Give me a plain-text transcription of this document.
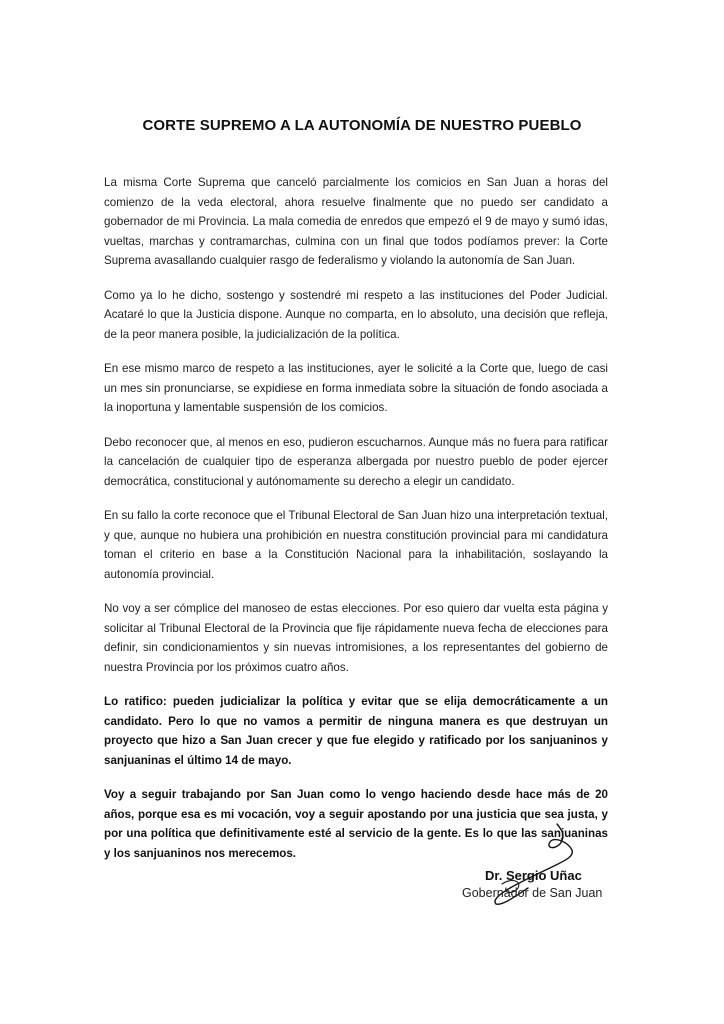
CORTE SUPREMO A LA AUTONOMÍA DE NUESTRO PUEBLO

La misma Corte Suprema que canceló parcialmente los comicios en San Juan a horas del comienzo de la veda electoral, ahora resuelve finalmente que no puedo ser candidato a gobernador de mi Provincia. La mala comedia de enredos que empezó el 9 de mayo y sumó idas, vueltas, marchas y contramarchas, culmina con un final que todos podíamos prever: la Corte Suprema avasallando cualquier rasgo de federalismo y violando la autonomía de San Juan.

Como ya lo he dicho, sostengo y sostendré mi respeto a las instituciones del Poder Judicial. Acataré lo que la Justicia dispone. Aunque no comparta, en lo absoluto, una decisión que refleja, de la peor manera posible, la judicialización de la política.

En ese mismo marco de respeto a las instituciones, ayer le solicité a la Corte que, luego de casi un mes sin pronunciarse, se expidiese en forma inmediata sobre la situación de fondo asociada a la inoportuna y lamentable suspensión de los comicios.

Debo reconocer que, al menos en eso, pudieron escucharnos. Aunque más no fuera para ratificar la cancelación de cualquier tipo de esperanza albergada por nuestro pueblo de poder ejercer democrática, constitucional y autónomamente su derecho a elegir un candidato.

En su fallo la corte reconoce que el Tribunal Electoral de San Juan hizo una interpretación textual, y que, aunque no hubiera una prohibición en nuestra constitución provincial para mi candidatura toman el criterio en base a la Constitución Nacional para la inhabilitación, soslayando la autonomía provincial.

No voy a ser cómplice del manoseo de estas elecciones. Por eso quiero dar vuelta esta página y solicitar al Tribunal Electoral de la Provincia que fije rápidamente nueva fecha de elecciones para definir, sin condicionamientos y sin nuevas intromisiones, a los representantes del gobierno de nuestra Provincia por los próximos cuatro años.

Lo ratifico: pueden judicializar la política y evitar que se elija democráticamente a un candidato. Pero lo que no vamos a permitir de ninguna manera es que destruyan un proyecto que hizo a San Juan crecer y que fue elegido y ratificado por los sanjuaninos y sanjuaninas el último 14 de mayo.

Voy a seguir trabajando por San Juan como lo vengo haciendo desde hace más de 20 años, porque esa es mi vocación, voy a seguir apostando por una justicia que sea justa, y por una política que definitivamente esté al servicio de la gente. Es lo que las sanjuaninas y los sanjuaninos nos merecemos.

Dr. Sergio Uñac
Gobernador de San Juan
